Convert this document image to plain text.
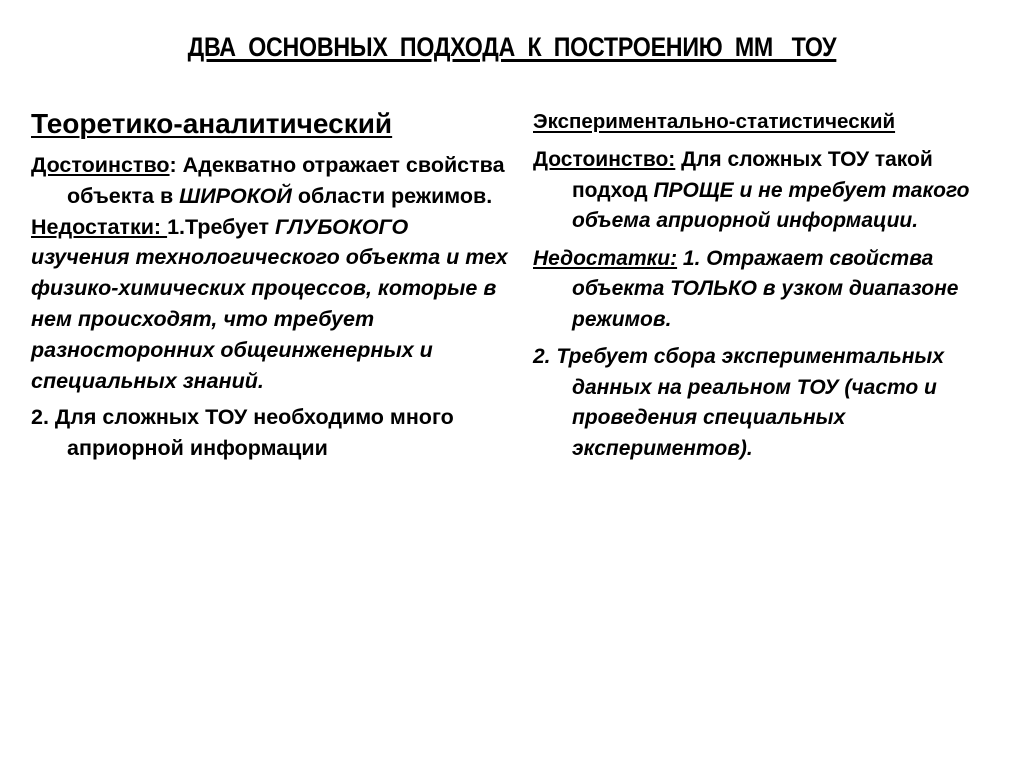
ДВА  ОСНОВНЫХ  ПОДХОДА  К  ПОСТРОЕНИЮ  ММ   ТОУ
Теоретико-аналитический

Достоинство: Адекватно отражает свойства объекта в ШИРОКОЙ области режимов.

Недостатки: 1.Требует ГЛУБОКОГО изучения технологического объекта и тех физико-химических процессов, которые в нем происходят, что требует разносторонних общеинженерных и специальных знаний.

2. Для сложных ТОУ необходимо много априорной информации

Экспериментально-статистический

Достоинство: Для сложных ТОУ такой подход ПРОЩЕ и не требует такого объема априорной информации.

Недостатки: 1. Отражает свойства объекта ТОЛЬКО в узком диапазоне режимов.

2. Требует сбора экспериментальных данных на реальном ТОУ (часто и проведения специальных экспериментов).
